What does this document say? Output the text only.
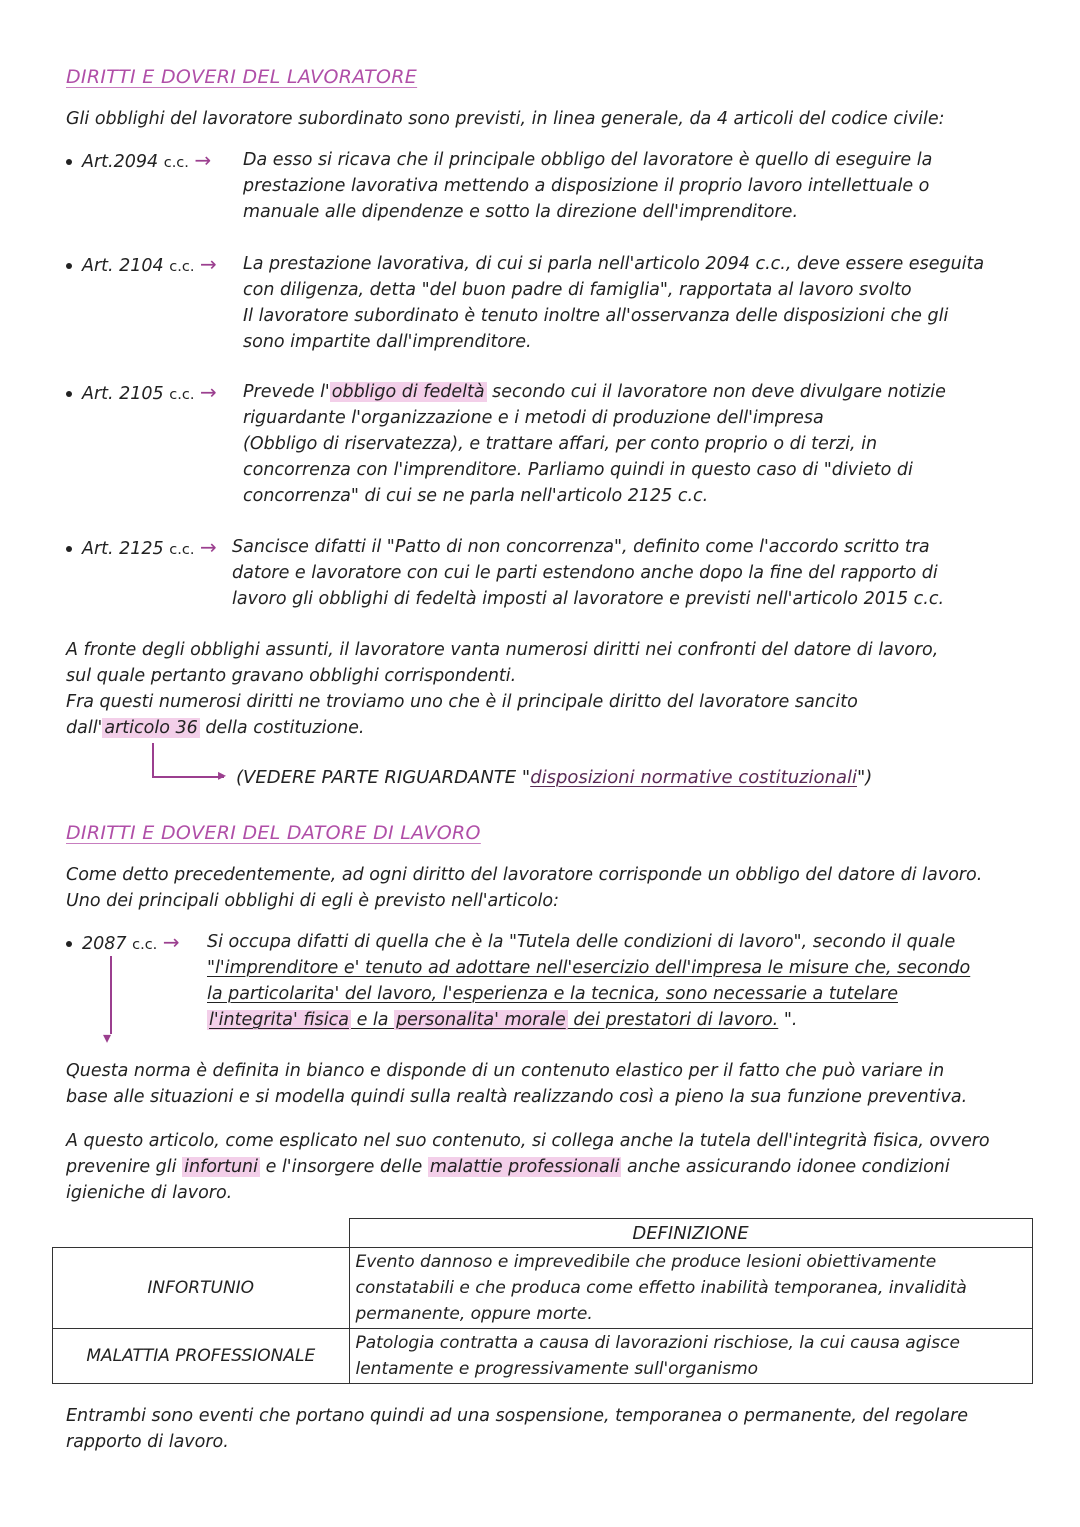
DIRITTI E DOVERI DEL LAVORATORE
Gli obblighi del lavoratore subordinato sono previsti, in linea generale, da 4 articoli del codice civile:
Art.2094 c.c. → Da esso si ricava che il principale obbligo del lavoratore è quello di eseguire la
prestazione lavorativa mettendo a disposizione il proprio lavoro intellettuale o
manuale alle dipendenze e sotto la direzione dell'imprenditore.
Art. 2104 c.c. → La prestazione lavorativa, di cui si parla nell'articolo 2094 c.c., deve essere eseguita
con diligenza, detta "del buon padre di famiglia", rapportata al lavoro svolto
Il lavoratore subordinato è tenuto inoltre all'osservanza delle disposizioni che gli
sono impartite dall'imprenditore.
Art. 2105 c.c. → Prevede l' obbligo di fedeltà secondo cui il lavoratore non deve divulgare notizie
riguardante l'organizzazione e i metodi di produzione dell'impresa
(Obbligo di riservatezza), e trattare affari, per conto proprio o di terzi, in
concorrenza con l'imprenditore. Parliamo quindi in questo caso di "divieto di
concorrenza" di cui se ne parla nell'articolo 2125 c.c.
Art. 2125 c.c. → Sancisce difatti il "Patto di non concorrenza", definito come l'accordo scritto tra
datore e lavoratore con cui le parti estendono anche dopo la fine del rapporto di
lavoro gli obblighi di fedeltà imposti al lavoratore e previsti nell'articolo 2015 c.c.
A fronte degli obblighi assunti, il lavoratore vanta numerosi diritti nei confronti del datore di lavoro,
sul quale pertanto gravano obblighi corrispondenti.
Fra questi numerosi diritti ne troviamo uno che è il principale diritto del lavoratore sancito
dall' articolo 36 della costituzione.
▸ (VEDERE PARTE RIGUARDANTE "disposizioni normative costituzionali")
DIRITTI E DOVERI DEL DATORE DI LAVORO
Come detto precedentemente, ad ogni diritto del lavoratore corrisponde un obbligo del datore di lavoro.
Uno dei principali obblighi di egli è previsto nell'articolo:
2087 c.c. →
▾
Si occupa difatti di quella che è la "Tutela delle condizioni di lavoro", secondo il quale
"l'imprenditore e' tenuto ad adottare nell'esercizio dell'impresa le misure che, secondo
la particolarita' del lavoro, l'esperienza e la tecnica, sono necessarie a tutelare
l'integrita' fisica e la personalita' morale dei prestatori di lavoro. ".
Questa norma è definita in bianco e disponde di un contenuto elastico per il fatto che può variare in
base alle situazioni e si modella quindi sulla realtà realizzando così a pieno la sua funzione preventiva.
A questo articolo, come esplicato nel suo contenuto, si collega anche la tutela dell'integrità fisica, ovvero
prevenire gli infortuni e l'insorgere delle malattie professionali anche assicurando idonee condizioni
igieniche di lavoro.
	DEFINIZIONE
INFORTUNIO	Evento dannoso e imprevedibile che produce lesioni obiettivamente
constatabili e che produca come effetto inabilità temporanea, invalidità
permanente, oppure morte.

MALATTIA PROFESSIONALE	Patologia contratta a causa di lavorazioni rischiose, la cui causa agisce
lentamente e progressivamente sull'organismo
Entrambi sono eventi che portano quindi ad una sospensione, temporanea o permanente, del regolare
rapporto di lavoro.
